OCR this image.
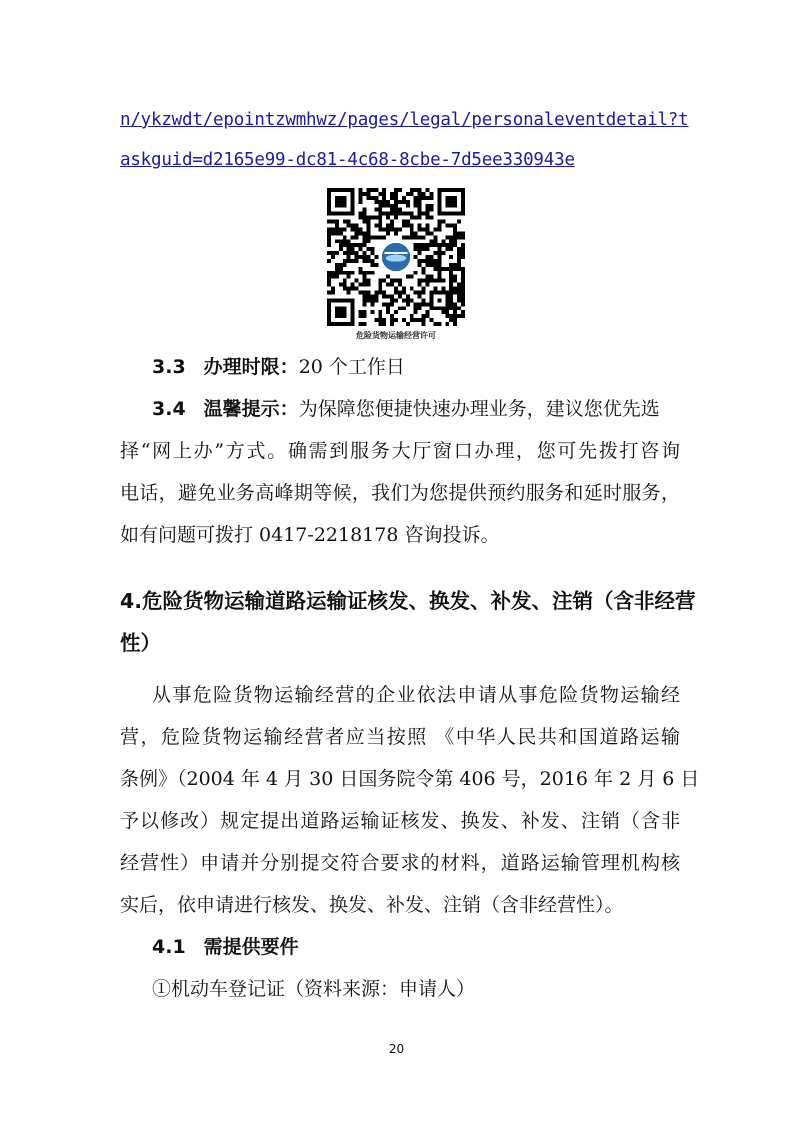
n/ykzwdt/epointzwmhwz/pages/legal/personaleventdetail?t
askguid=d2165e99-dc81-4c68-8cbe-7d5ee330943e
危险货物运输经营许可
3.3 办理时限：20 个工作日
3.4 温馨提示：为保障您便捷快速办理业务，建议您优先选
择“网上办”方式。确需到服务大厅窗口办理，您可先拨打咨询
电话，避免业务高峰期等候，我们为您提供预约服务和延时服务，
如有问题可拨打 0417-2218178 咨询投诉。
4.危险货物运输道路运输证核发、换发、补发、注销（含非经营
性）
从事危险货物运输经营的企业依法申请从事危险货物运输经
营，危险货物运输经营者应当按照 《中华人民共和国道路运输
条例》（2004 年 4 月 30 日国务院令第 406 号，2016 年 2 月 6 日
予以修改）规定提出道路运输证核发、换发、补发、注销（含非
经营性）申请并分别提交符合要求的材料，道路运输管理机构核
实后，依申请进行核发、换发、补发、注销（含非经营性）。
4.1 需提供要件
①机动车登记证（资料来源：申请人）
20
